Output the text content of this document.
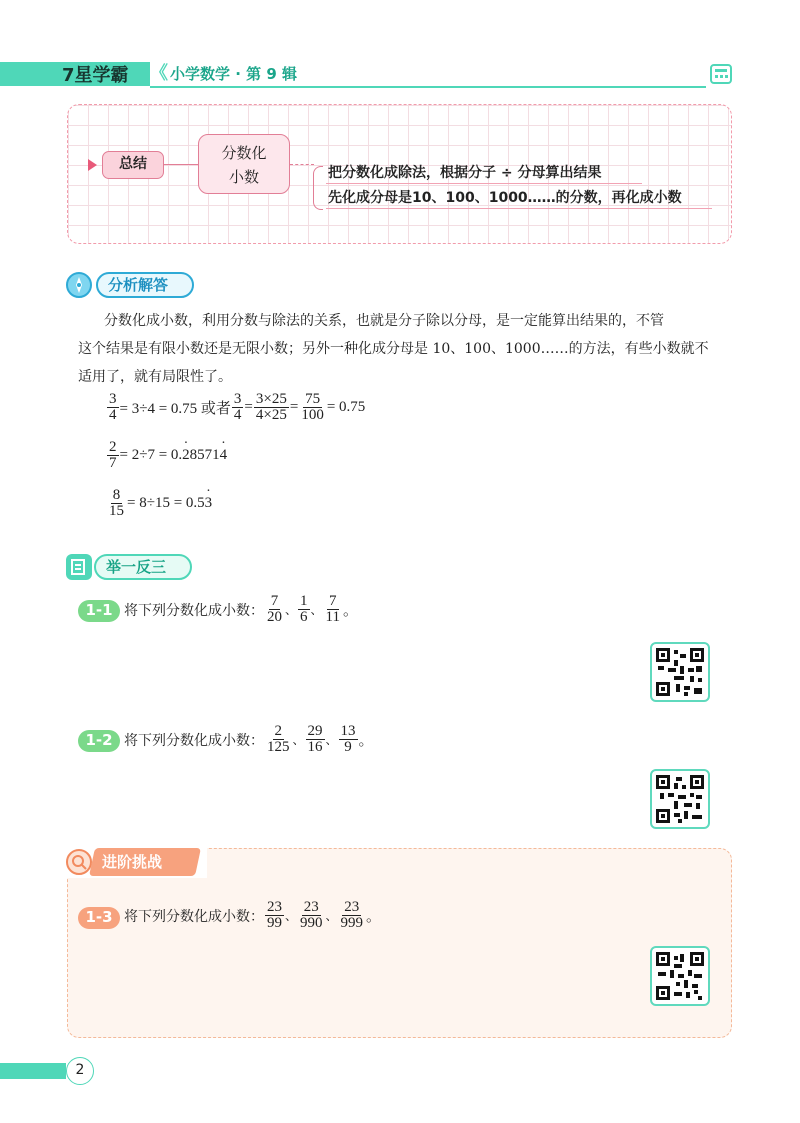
7星学霸 《 小学数学 · 第 9 辑
总结
分数化
小数	把分数化成除法，根据分子 ÷ 分母算出结果
先化成分母是10、100、1000……的分数，再化成小数
分析解答
分数化成小数，利用分数与除法的关系，也就是分子除以分母，是一定能算出结果的，不管
这个结果是有限小数还是无限小数；另外一种化成分母是 10、100、1000……的方法，有些小数就不
适用了，就有局限性了。
$\frac{3}{4} = 3\div 4 = 0.75$ 或者 $\frac{3}{4} = \frac{3\times 25}{4\times 25} = \frac{75}{100} = 0.75$
$\frac{2}{7} = 2\div 7 = 0$.
· 2 8571
· 4
$\frac{8}{15} = 8\div 15 = 0.5$
· 3
举一反三
1-1 将下列分数化成小数： $\frac{7}{20}$ 、 $\frac{1}{6}$ 、 $\frac{7}{11}$ 。
1-2 将下列分数化成小数： $\frac{2}{125}$ 、 $\frac{29}{16}$ 、 $\frac{13}{9}$ 。
进阶挑战
1-3 将下列分数化成小数： $\frac{23}{99}$ 、 $\frac{23}{990}$ 、 $\frac{23}{999}$ 。
2
